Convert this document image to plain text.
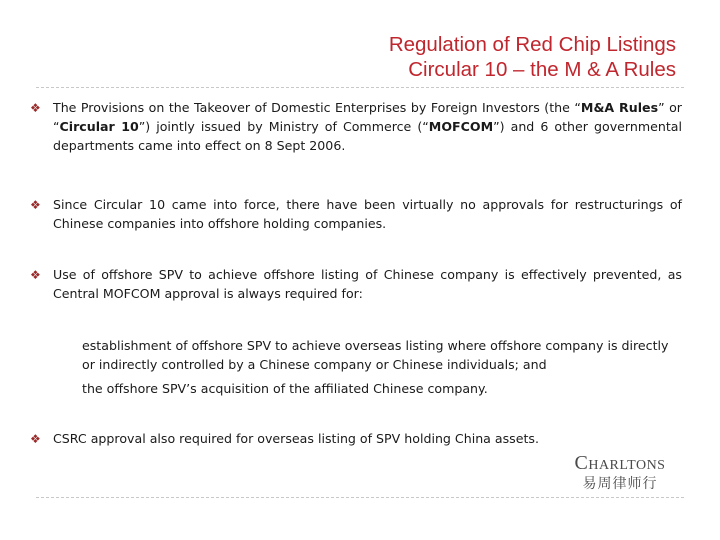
Regulation of Red Chip Listings
Circular 10 – the M & A Rules
❖ The Provisions on the Takeover of Domestic Enterprises by Foreign Investors (the “M&A Rules” or “Circular 10”) jointly issued by Ministry of Commerce (“MOFCOM”) and 6 other governmental departments came into effect on 8 Sept 2006.
❖ Since Circular 10 came into force, there have been virtually no approvals for restructurings of Chinese companies into offshore holding companies.
❖ Use of offshore SPV to achieve offshore listing of Chinese company is effectively prevented, as Central MOFCOM approval is always required for:
establishment of offshore SPV to achieve overseas listing where offshore company is directly or indirectly controlled by a Chinese company or Chinese individuals; and
the offshore SPV’s acquisition of the affiliated Chinese company.
❖ CSRC approval also required for overseas listing of SPV holding China assets.
Charltons
易周律师行
